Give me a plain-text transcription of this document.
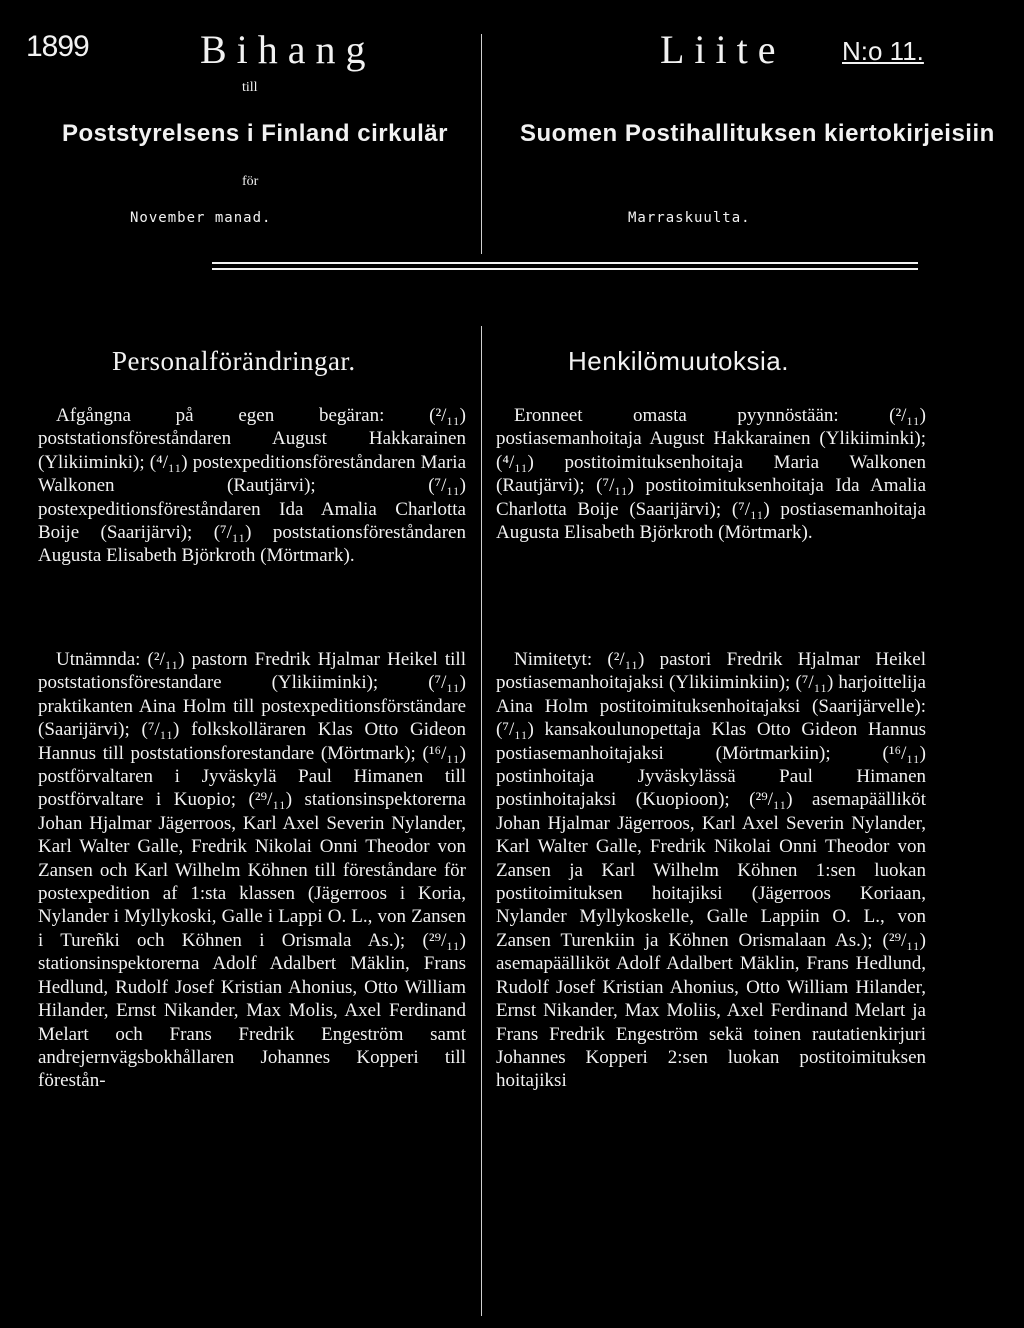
1899	Bihang
till
Liite N:o 11.
Poststyrelsens i Finland cirkulär	Suomen Postihallituksen kiertokirjeisiin
för
November manad.	Marraskuulta.
Personalförändringar.	Henkilömuutoksia.

Afgångna på egen begäran: (²/₁₁) poststationsföreståndaren August Hakkarainen (Ylikiiminki); (⁴/₁₁) postexpeditionsföreståndaren Maria Walkonen (Rautjärvi); (⁷/₁₁) postexpeditionsföreståndaren Ida Amalia Charlotta Boije (Saarijärvi); (⁷/₁₁) poststationsföreståndaren Augusta Elisabeth Björkroth (Mörtmark).

Utnämnda: (²/₁₁) pastorn Fredrik Hjalmar Heikel till poststationsförestandare (Ylikiiminki); (⁷/₁₁) praktikanten Aina Holm till postexpeditionsförständare (Saarijärvi); (⁷/₁₁) folkskolläraren Klas Otto Gideon Hannus till poststationsforestandare (Mörtmark); (¹⁶/₁₁) postförvaltaren i Jyväskylä Paul Himanen till postförvaltare i Kuopio; (²⁹/₁₁) stationsinspektorerna Johan Hjalmar Jägerroos, Karl Axel Severin Nylander, Karl Walter Galle, Fredrik Nikolai Onni Theodor von Zansen och Karl Wilhelm Köhnen till föreståndare för postexpedition af 1:sta klassen (Jägerroos i Koria, Nylander i Myllykoski, Galle i Lappi O. L., von Zansen i Tureñki och Köhnen i Orismala As.); (²⁹/₁₁) stationsinspektorerna Adolf Adalbert Mäklin, Frans Hedlund, Rudolf Josef Kristian Ahonius, Otto William Hilander, Ernst Nikander, Max Molis, Axel Ferdinand Melart och Frans Fredrik Engeström samt andrejernvägsbokhållaren Johannes Kopperi till förestån-

Eronneet omasta pyynnöstään: (²/₁₁) postiasemanhoitaja August Hakkarainen (Ylikiiminki); (⁴/₁₁) postitoimituksenhoitaja Maria Walkonen (Rautjärvi); (⁷/₁₁) postitoimituksenhoitaja Ida Amalia Charlotta Boije (Saarijärvi); (⁷/₁₁) postiasemanhoitaja Augusta Elisabeth Björkroth (Mörtmark).

Nimitetyt: (²/₁₁) pastori Fredrik Hjalmar Heikel postiasemanhoitajaksi (Ylikiiminkiin); (⁷/₁₁) harjoittelija Aina Holm postitoimituksenhoitajaksi (Saarijärvelle): (⁷/₁₁) kansakoulunopettaja Klas Otto Gideon Hannus postiasemanhoitajaksi (Mörtmarkiin); (¹⁶/₁₁) postinhoitaja Jyväskylässä Paul Himanen postinhoitajaksi (Kuopioon); (²⁹/₁₁) asemapäälliköt Johan Hjalmar Jägerroos, Karl Axel Severin Nylander, Karl Walter Galle, Fredrik Nikolai Onni Theodor von Zansen ja Karl Wilhelm Köhnen 1:sen luokan postitoimituksen hoitajiksi (Jägerroos Koriaan, Nylander Myllykoskelle, Galle Lappiin O. L., von Zansen Turenkiin ja Köhnen Orismalaan As.); (²⁹/₁₁) asemapäälliköt Adolf Adalbert Mäklin, Frans Hedlund, Rudolf Josef Kristian Ahonius, Otto William Hilander, Ernst Nikander, Max Moliis, Axel Ferdinand Melart ja Frans Fredrik Engeström sekä toinen rautatienkirjuri Johannes Kopperi 2:sen luokan postitoimituksen hoitajiksi
